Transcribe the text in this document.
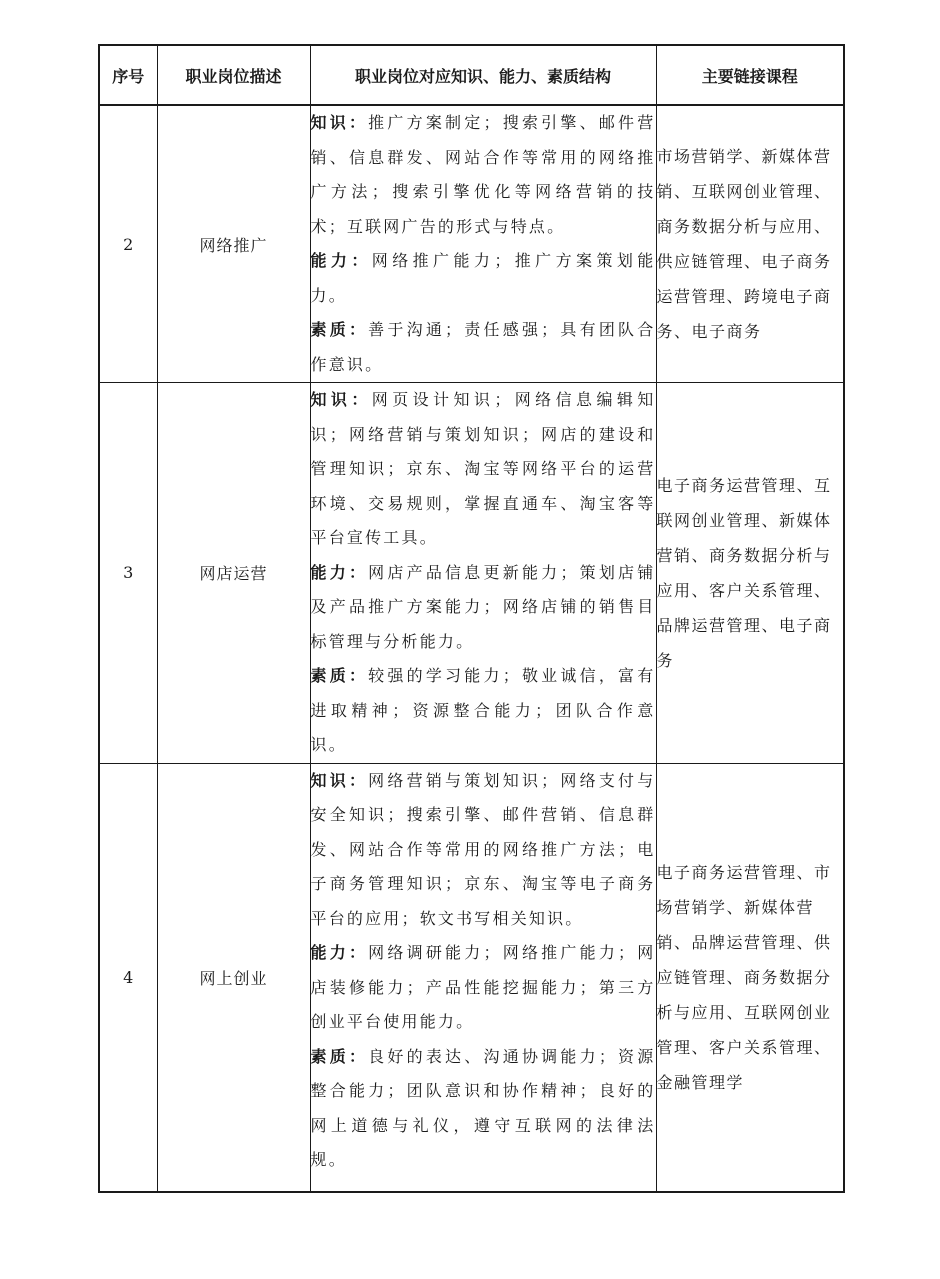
序号	职业岗位描述	职业岗位对应知识、能力、素质结构	主要链接课程
2	网络推广	知识：推广方案制定；搜索引擎、邮件营销、信息群发、网站合作等常用的网络推广方法；搜索引擎优化等网络营销的技术；互联网广告的形式与特点。
能力：网络推广能力；推广方案策划能力。
素质：善于沟通；责任感强；具有团队合作意识。	市场营销学、新媒体营销、互联网创业管理、商务数据分析与应用、供应链管理、电子商务运营管理、跨境电子商务、电子商务
3	网店运营	知识：网页设计知识；网络信息编辑知识；网络营销与策划知识；网店的建设和管理知识；京东、淘宝等网络平台的运营环境、交易规则，掌握直通车、淘宝客等平台宣传工具。
能力：网店产品信息更新能力；策划店铺及产品推广方案能力；网络店铺的销售目标管理与分析能力。
素质：较强的学习能力；敬业诚信，富有进取精神；资源整合能力；团队合作意识。	电子商务运营管理、互联网创业管理、新媒体营销、商务数据分析与应用、客户关系管理、品牌运营管理、电子商务
4	网上创业	知识：网络营销与策划知识；网络支付与安全知识；搜索引擎、邮件营销、信息群发、网站合作等常用的网络推广方法；电子商务管理知识；京东、淘宝等电子商务平台的应用；软文书写相关知识。
能力：网络调研能力；网络推广能力；网店装修能力；产品性能挖掘能力；第三方创业平台使用能力。
素质：良好的表达、沟通协调能力；资源整合能力；团队意识和协作精神；良好的网上道德与礼仪，遵守互联网的法律法规。	电子商务运营管理、市场营销学、新媒体营销、品牌运营管理、供应链管理、商务数据分析与应用、互联网创业管理、客户关系管理、金融管理学
